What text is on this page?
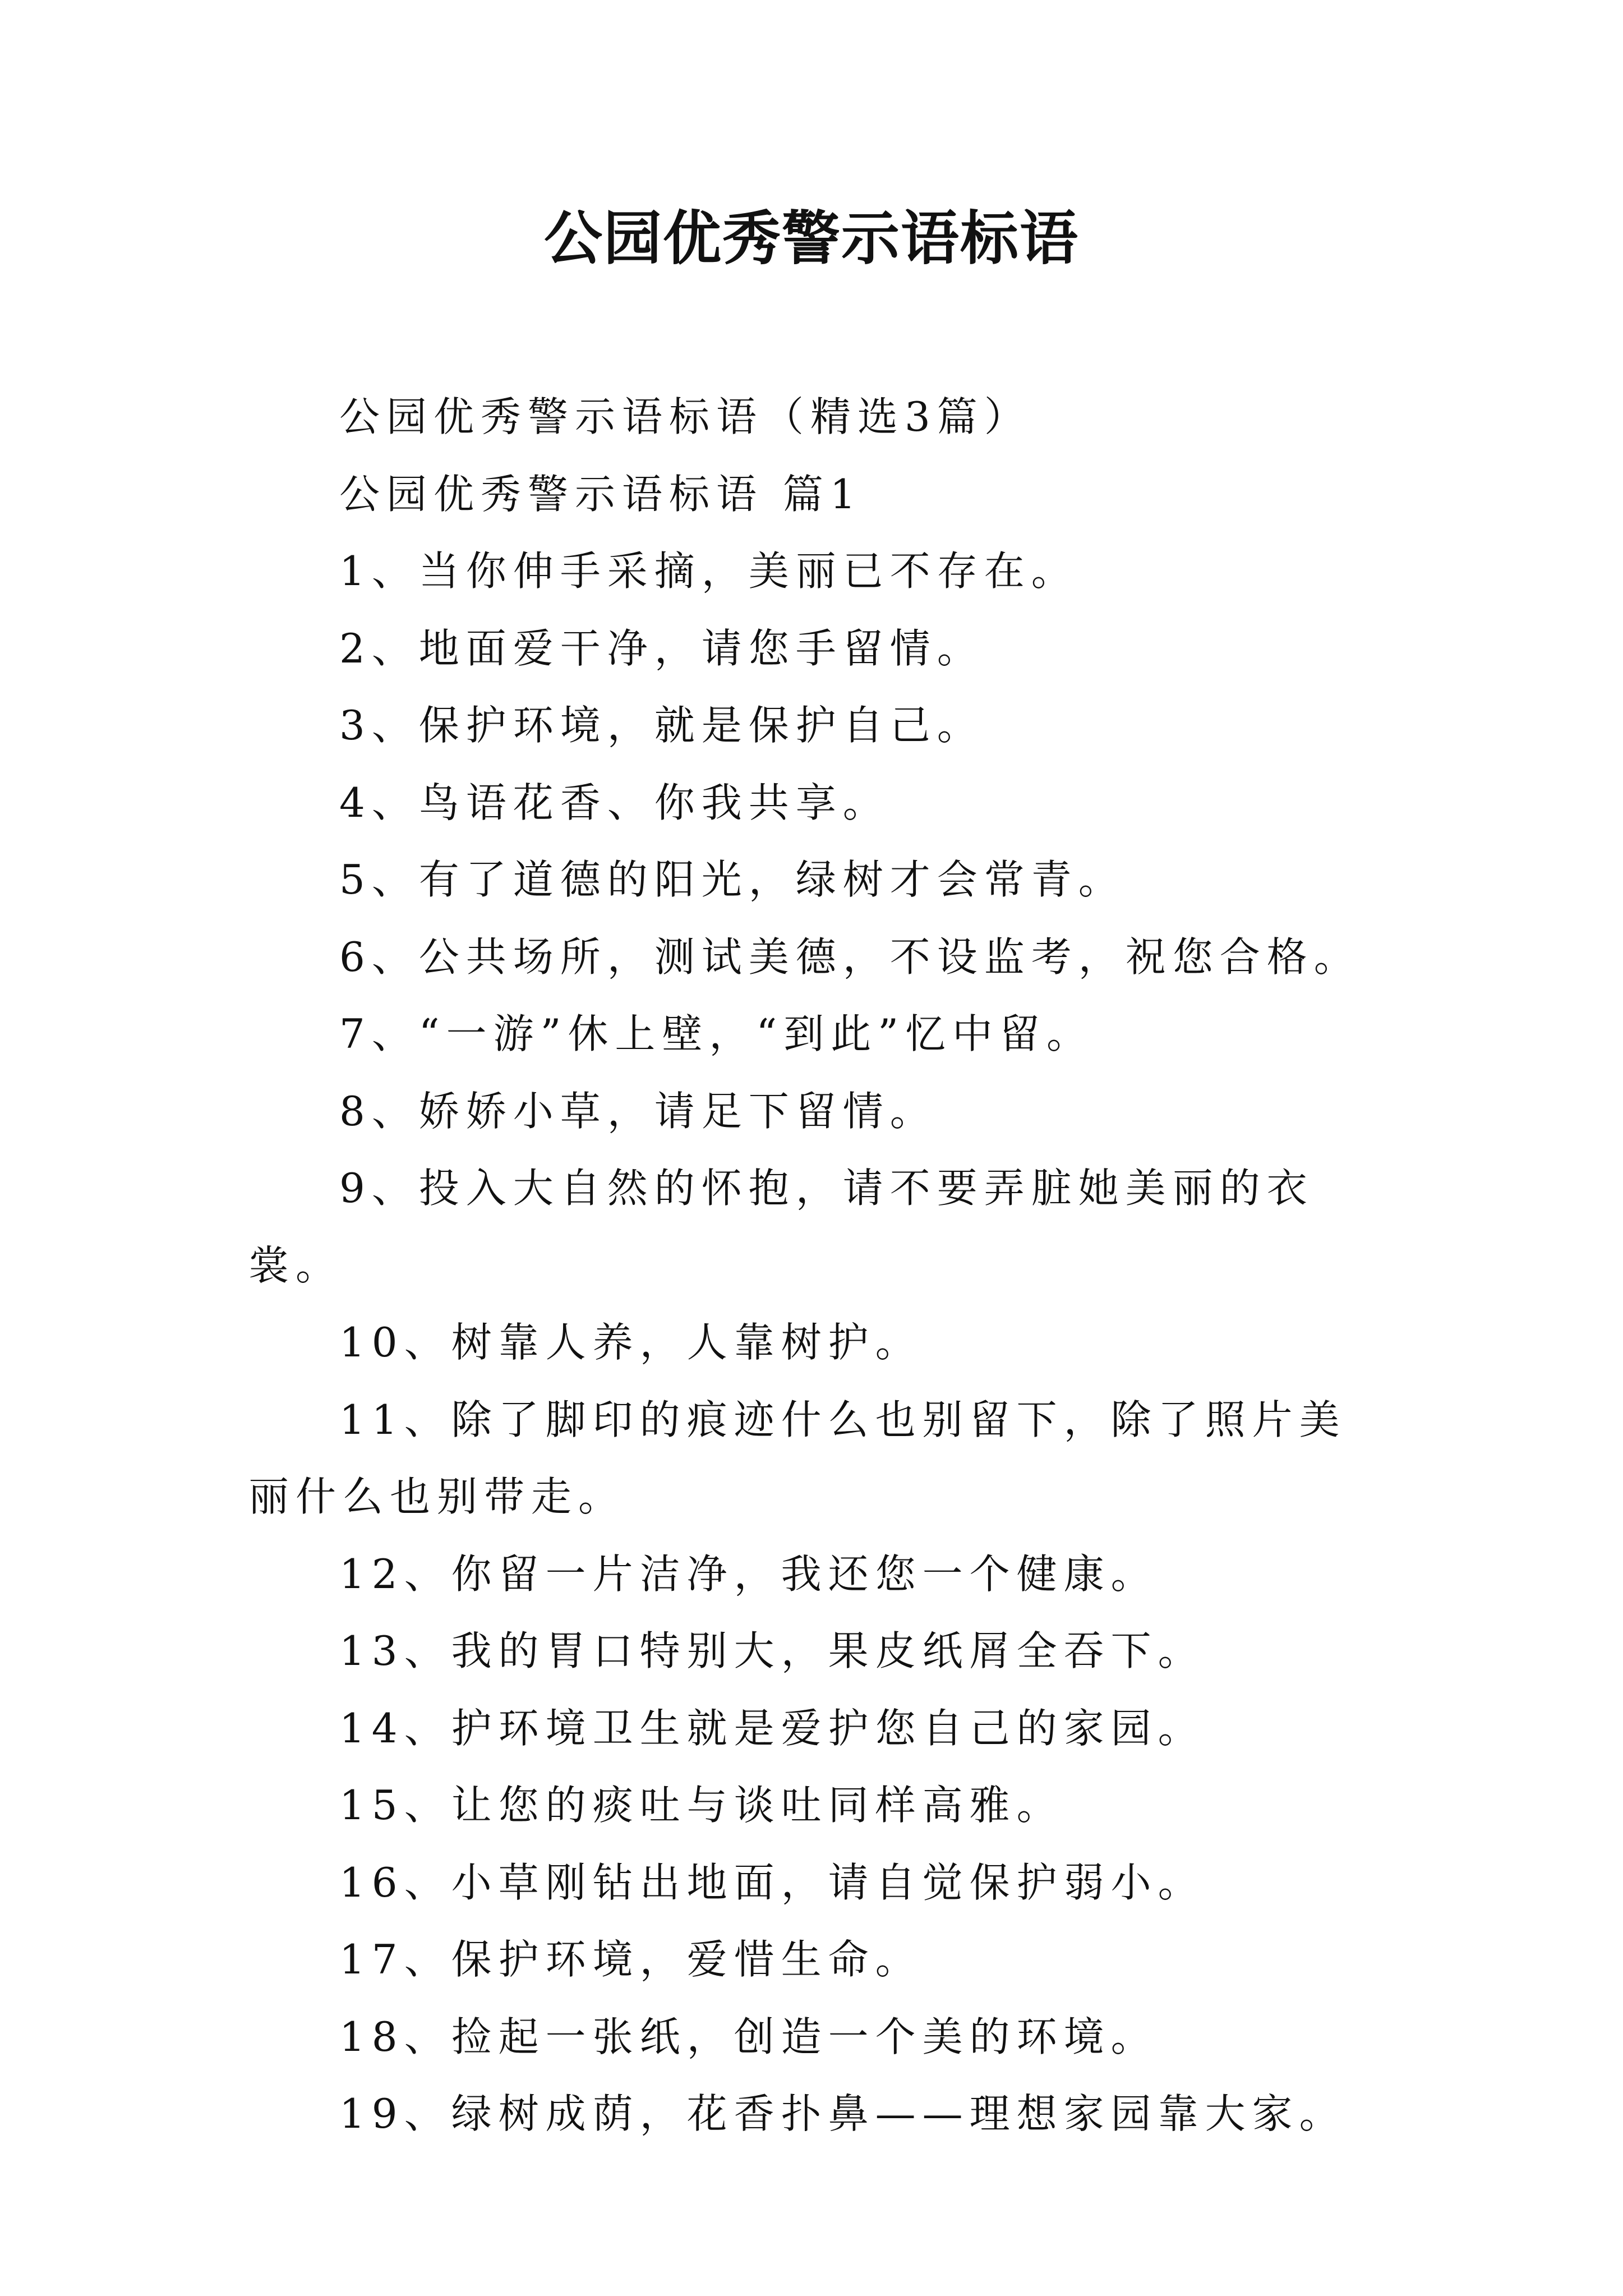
公园优秀警示语标语

公园优秀警示语标语（精选3篇）

公园优秀警示语标语 篇1

1、当你伸手采摘，美丽已不存在。

2、地面爱干净，请您手留情。

3、保护环境，就是保护自己。

4、鸟语花香、你我共享。

5、有了道德的阳光，绿树才会常青。

6、公共场所，测试美德，不设监考，祝您合格。

7、“一游”休上壁，“到此”忆中留。

8、娇娇小草，请足下留情。

9、投入大自然的怀抱，请不要弄脏她美丽的衣裳。

10、树靠人养，人靠树护。

11、除了脚印的痕迹什么也别留下，除了照片美丽什么也别带走。

12、你留一片洁净，我还您一个健康。

13、我的胃口特别大，果皮纸屑全吞下。

14、护环境卫生就是爱护您自己的家园。

15、让您的痰吐与谈吐同样高雅。

16、小草刚钻出地面，请自觉保护弱小。

17、保护环境，爱惜生命。

18、捡起一张纸，创造一个美的环境。

19、绿树成荫，花香扑鼻——理想家园靠大家。
